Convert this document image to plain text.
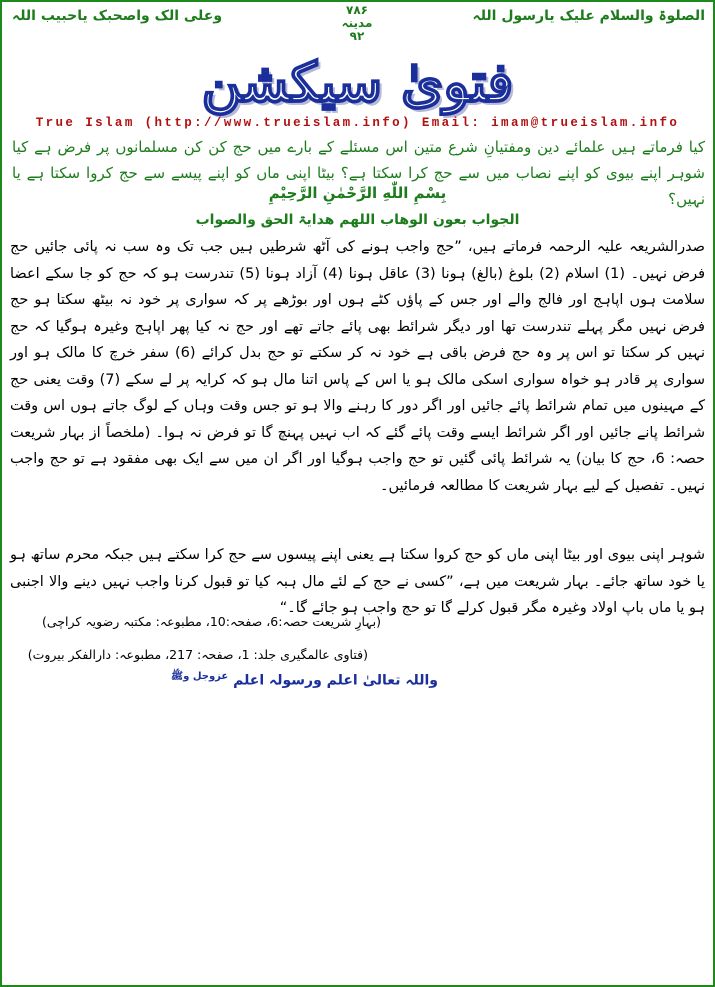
الصلوۃ والسلام علیک یارسول اللہ
۷۸۶
مدینہ
۹۲
وعلی الک واصحبک یاحبیب اللہ
فتویٰ سیکشن
True Islam (http://www.trueislam.info) Email: imam@trueislam.info
کیا فرماتے ہیں علمائے دین ومفتیانِ شرع متین اس مسئلے کے بارے میں حج کن کن مسلمانوں پر فرض ہے کیا شوہر اپنے بیوی کو اپنے نصاب میں سے حج کرا سکتا ہے؟ بیٹا اپنی ماں کو اپنے پیسے سے حج کروا سکتا ہے یا نہیں؟
بِسْمِ اللّٰهِ الرَّحْمٰنِ الرَّحِيْمِ
الجواب بعون الوھاب اللھم ھدایۃ الحق والصواب

صدرالشریعہ علیہ الرحمہ فرماتے ہیں، ”حج واجب ہونے کی آٹھ شرطیں ہیں جب تک وہ سب نہ پائی جائیں حج فرض نہیں۔ (1) اسلام (2) بلوغ (بالغ) ہونا (3) عاقل ہونا (4) آزاد ہونا (5) تندرست ہو کہ حج کو جا سکے اعضا سلامت ہوں اپاہج اور فالج والے اور جس کے پاؤں کٹے ہوں اور بوڑھے پر کہ سواری پر خود نہ بیٹھ سکتا ہو حج فرض نہیں مگر پہلے تندرست تھا اور دیگر شرائط بھی پائے جاتے تھے اور حج نہ کیا پھر اپاہج وغیرہ ہوگیا کہ حج نہیں کر سکتا تو اس پر وہ حج فرض باقی ہے خود نہ کر سکتے تو حج بدل کرائے (6) سفر خرچ کا مالک ہو اور سواری پر قادر ہو خواہ سواری اسکی مالک ہو یا اس کے پاس اتنا مال ہو کہ کرایہ پر لے سکے (7) وقت یعنی حج کے مہینوں میں تمام شرائط پائے جائیں اور اگر دور کا رہنے والا ہو تو جس وقت وہاں کے لوگ جاتے ہوں اس وقت شرائط پانے جائیں اور اگر شرائط ایسے وقت پائے گئے کہ اب نہیں پہنچ گا تو فرض نہ ہوا۔ (ملخصاً از بہار شریعت حصہ: 6، حج کا بیان) یہ شرائط پائی گئیں تو حج واجب ہوگیا اور اگر ان میں سے ایک بھی مفقود ہے تو حج واجب نہیں۔ تفصیل کے لیے بہار شریعت کا مطالعہ فرمائیں۔

شوہر اپنی بیوی اور بیٹا اپنی ماں کو حج کروا سکتا ہے یعنی اپنے پیسوں سے حج کرا سکتے ہیں جبکہ محرم ساتھ ہو یا خود ساتھ جائے۔ بہار شریعت میں ہے، ”کسی نے حج کے لئے مال ہبہ کیا تو قبول کرنا واجب نہیں دینے والا اجنبی ہو یا ماں باپ اولاد وغیرہ مگر قبول کرلے گا تو حج واجب ہو جائے گا۔“

(بہارِ شریعت حصہ:6، صفحہ:10، مطبوعہ: مکتبہ رضویہ کراچی)
(فتاوی عالمگیری جلد: 1، صفحہ: 217، مطبوعہ: دارالفکر بیروت)
واللہ تعالیٰ اعلم ورسولہ اعلم عزوجل وﷺ
